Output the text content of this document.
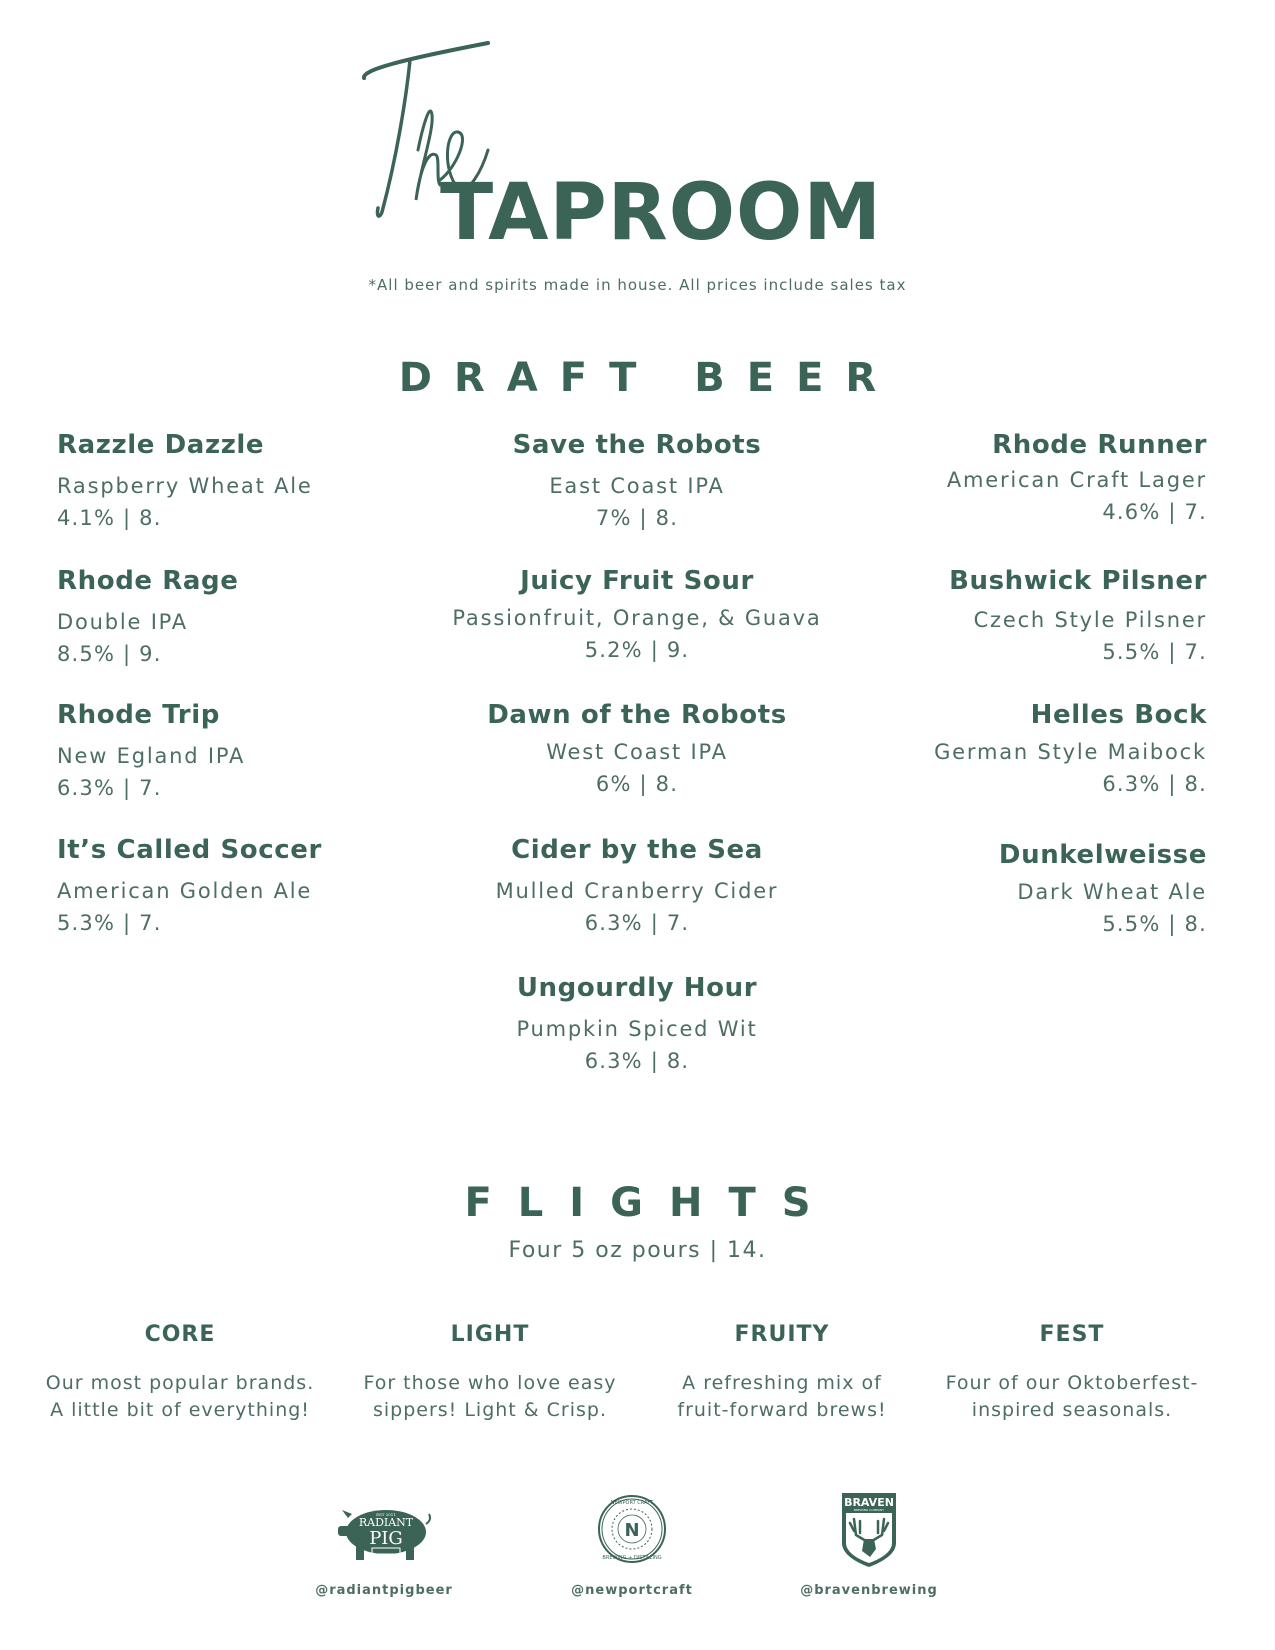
TAPROOM
*All beer and spirits made in house. All prices include sales tax
DRAFT BEER
Razzle Dazzle
Raspberry Wheat Ale
4.1% | 8.
Rhode Rage
Double IPA
8.5% | 9.
Rhode Trip
New Egland IPA
6.3% | 7.
It’s Called Soccer
American Golden Ale
5.3% | 7.
Save the Robots
East Coast IPA
7% | 8.
Juicy Fruit Sour
Passionfruit, Orange, & Guava
5.2% | 9.
Dawn of the Robots
West Coast IPA
6% | 8.
Cider by the Sea
Mulled Cranberry Cider
6.3% | 7.
Ungourdly Hour
Pumpkin Spiced Wit
6.3% | 8.
Rhode Runner
American Craft Lager
4.6% | 7.
Bushwick Pilsner
Czech Style Pilsner
5.5% | 7.
Helles Bock
German Style Maibock
6.3% | 8.
Dunkelweisse
Dark Wheat Ale
5.5% | 8.
FLIGHTS
Four 5 oz pours | 14.
CORE
Our most popular brands.
A little bit of everything!
LIGHT
For those who love easy
sippers! Light & Crisp.
FRUITY
A refreshing mix of
fruit-forward brews!
FEST
Four of our Oktoberfest-
inspired seasonals.
EST 2011
RADIANT
PIG
@radiantpigbeer
N
NEWPORT CRAFT
BREWING + DISTILLING
@newportcraft
BRAVEN
BREWING COMPANY
@bravenbrewing
